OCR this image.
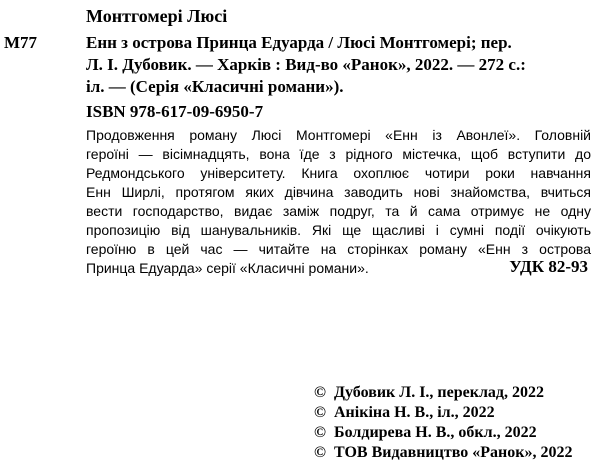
Монтгомері Люсі
М77	Енн з острова Принца Едуарда / Люсі Монтгомері; пер.
Л. І. Дубовик. — Харків : Вид-во «Ранок», 2022. — 272 с.:
іл. — (Серія «Класичні романи»).
ISBN 978-617-09-6950-7
Продовження роману Люсі Монтгомері «Енн із Авонлеї». Головній
героїні — вісімнадцять, вона їде з рідного містечка, щоб вступити до
Редмондського університету. Книга охоплює чотири роки навчання
Енн Ширлі, протягом яких дівчина заводить нові знайомства, вчиться
вести господарство, видає заміж подруг, та й сама отримує не одну
пропозицію від шанувальників. Які ще щасливі і сумні події очікують
героїню в цей час — читайте на сторінках роману «Енн з острова
Принца Едуарда» серії «Класичні романи».	УДК 82-93
© Дубовик Л. І., переклад, 2022
© Анікіна Н. В., іл., 2022
© Болдирева Н. В., обкл., 2022
© ТОВ Видавництво «Ранок», 2022
